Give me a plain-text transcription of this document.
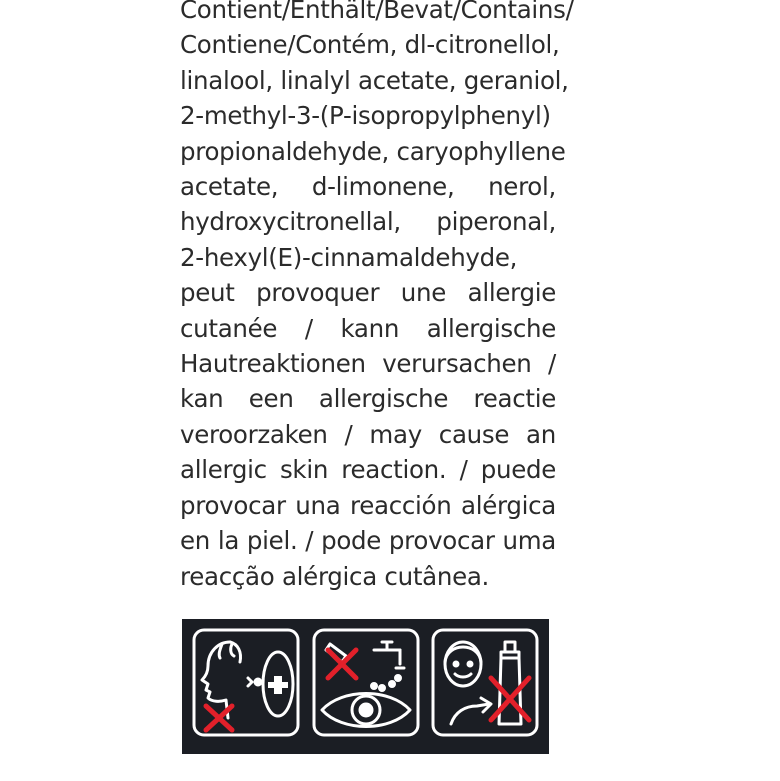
Contient/Enthält/Bevat/Contains/
Contiene/Contém, dl-citronellol,
linalool, linalyl acetate, geraniol,
2-methyl-3-(P-isopropylphenyl)
propionaldehyde, caryophyllene
acetate, d-limonene, nerol,
hydroxycitronellal, piperonal,
2-hexyl(E)-cinnamaldehyde,
peut provoquer une allergie
cutanée / kann allergische
Hautreaktionen verursachen /
kan een allergische reactie
veroorzaken / may cause an
allergic skin reaction. / puede
provocar una reacción alérgica
en la piel. / pode provocar uma
reacção alérgica cutânea.
